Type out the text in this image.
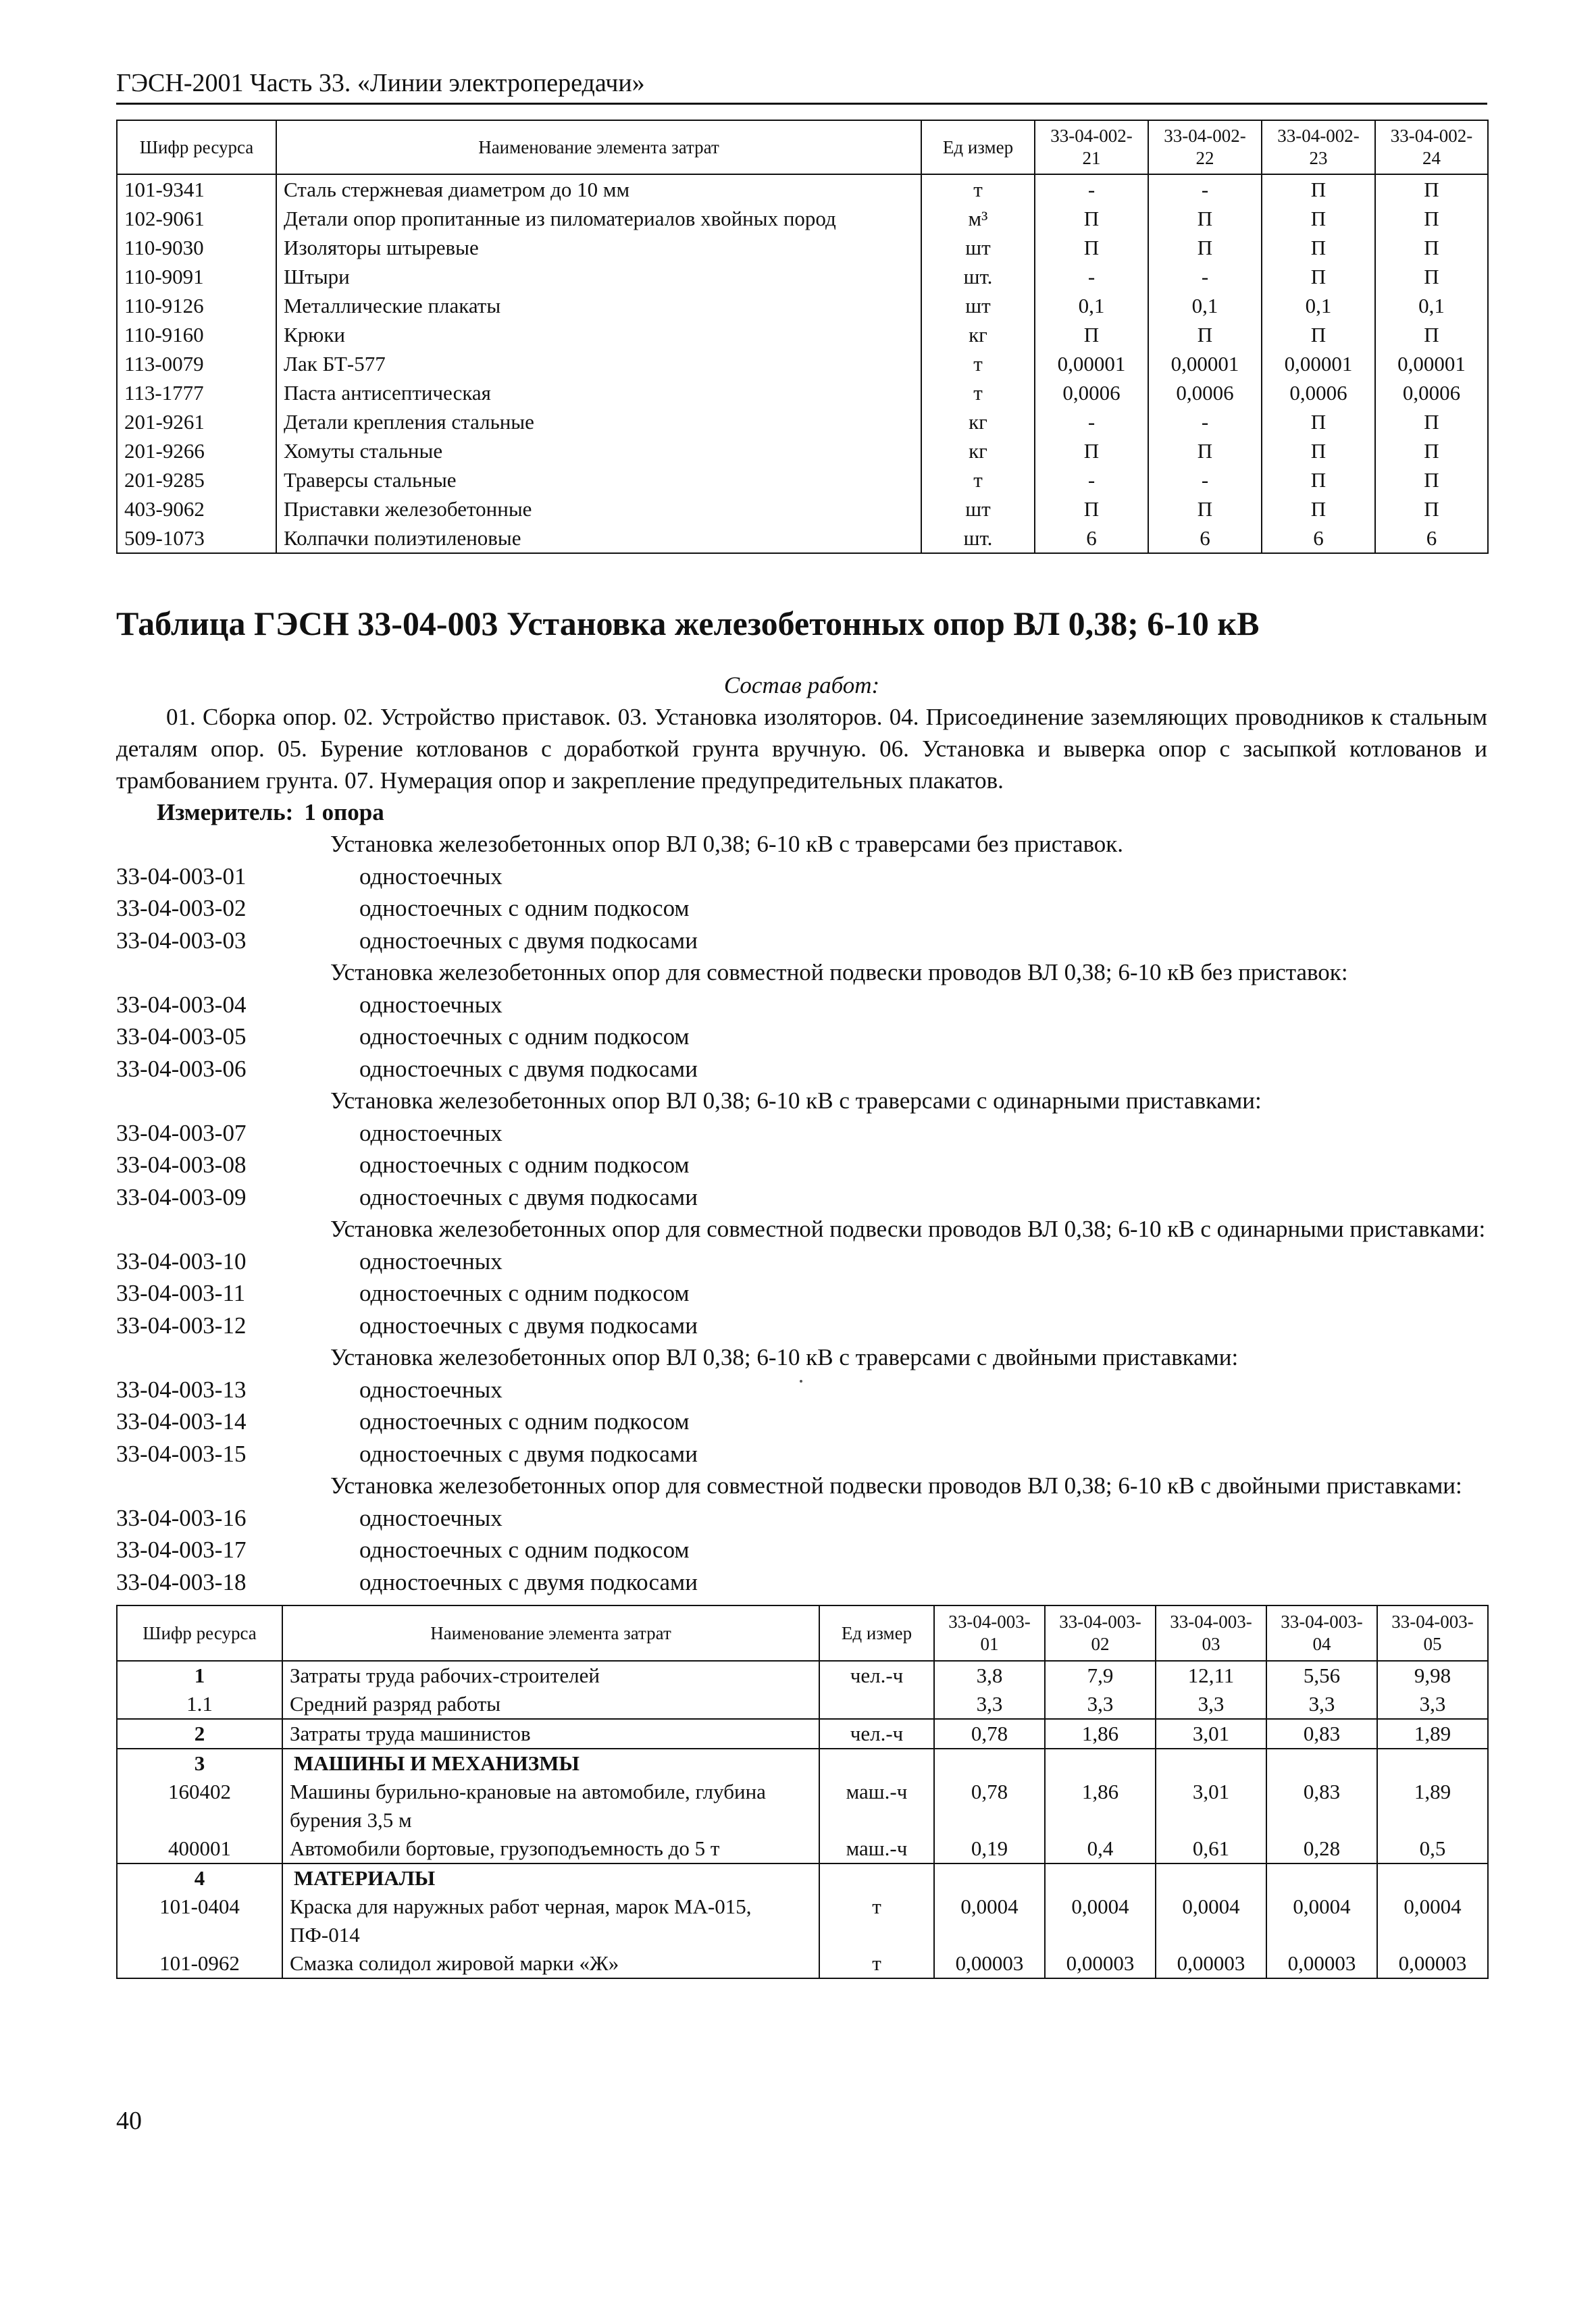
ГЭСН-2001 Часть 33. «Линии электропередачи»
Шифр ресурса	Наименование элемента затрат	Ед измер	33-04-002-21	33-04-002-22	33-04-002-23	33-04-002-24
101-9341	Сталь стержневая диаметром до 10 мм	т	-	-	П	П
102-9061	Детали опор пропитанные из пиломатериалов хвойных пород	м³	П	П	П	П
110-9030	Изоляторы штыревые	шт	П	П	П	П
110-9091	Штыри	шт.	-	-	П	П
110-9126	Металлические плакаты	шт	0,1	0,1	0,1	0,1
110-9160	Крюки	кг	П	П	П	П
113-0079	Лак БТ-577	т	0,00001	0,00001	0,00001	0,00001
113-1777	Паста антисептическая	т	0,0006	0,0006	0,0006	0,0006
201-9261	Детали крепления стальные	кг	-	-	П	П
201-9266	Хомуты стальные	кг	П	П	П	П
201-9285	Траверсы стальные	т	-	-	П	П
403-9062	Приставки железобетонные	шт	П	П	П	П
509-1073	Колпачки полиэтиленовые	шт.	6	6	6	6
Таблица ГЭСН 33-04-003 Установка железобетонных опор ВЛ 0,38; 6-10 кВ
Состав работ:
01. Сборка опор. 02. Устройство приставок. 03. Установка изоляторов. 04. Присоединение заземляющих проводников к стальным деталям опор. 05. Бурение котлованов с доработкой грунта вручную. 06. Установка и выверка опор с засыпкой котлованов и трамбованием грунта. 07. Нумерация опор и закрепление предупредительных плакатов.
Измеритель: 1 опора
Установка железобетонных опор ВЛ 0,38; 6-10 кВ с траверсами без приставок.
33-04-003-01	одностоечных
33-04-003-02	одностоечных с одним подкосом
33-04-003-03	одностоечных с двумя подкосами
Установка железобетонных опор для совместной подвески проводов ВЛ 0,38; 6-10 кВ без приставок:
33-04-003-04	одностоечных
33-04-003-05	одностоечных с одним подкосом
33-04-003-06	одностоечных с двумя подкосами
Установка железобетонных опор ВЛ 0,38; 6-10 кВ с траверсами с одинарными приставками:
33-04-003-07	одностоечных
33-04-003-08	одностоечных с одним подкосом
33-04-003-09	одностоечных с двумя подкосами
Установка железобетонных опор для совместной подвески проводов ВЛ 0,38; 6-10 кВ с одинарными приставками:
33-04-003-10	одностоечных
33-04-003-11	одностоечных с одним подкосом
33-04-003-12	одностоечных с двумя подкосами
Установка железобетонных опор ВЛ 0,38; 6-10 кВ с траверсами с двойными приставками:
33-04-003-13	одностоечных
33-04-003-14	одностоечных с одним подкосом
33-04-003-15	одностоечных с двумя подкосами
Установка железобетонных опор для совместной подвески проводов ВЛ 0,38; 6-10 кВ с двойными приставками:
33-04-003-16	одностоечных
33-04-003-17	одностоечных с одним подкосом
33-04-003-18	одностоечных с двумя подкосами
Шифр ресурса	Наименование элемента затрат	Ед измер	33-04-003-01	33-04-003-02	33-04-003-03	33-04-003-04	33-04-003-05
1	Затраты труда рабочих-строителей	чел.-ч	3,8	7,9	12,11	5,56	9,98
1.1	Средний разряд работы		3,3	3,3	3,3	3,3	3,3
2	Затраты труда машинистов	чел.-ч	0,78	1,86	3,01	0,83	1,89
3	МАШИНЫ И МЕХАНИЗМЫ						
160402	Машины бурильно-крановые на автомобиле, глубина бурения 3,5 м	маш.-ч	0,78	1,86	3,01	0,83	1,89
400001	Автомобили бортовые, грузоподъемность до 5 т	маш.-ч	0,19	0,4	0,61	0,28	0,5
4	МАТЕРИАЛЫ						
101-0404	Краска для наружных работ черная, марок МА-015, ПФ-014	т	0,0004	0,0004	0,0004	0,0004	0,0004
101-0962	Смазка солидол жировой марки «Ж»	т	0,00003	0,00003	0,00003	0,00003	0,00003
40
